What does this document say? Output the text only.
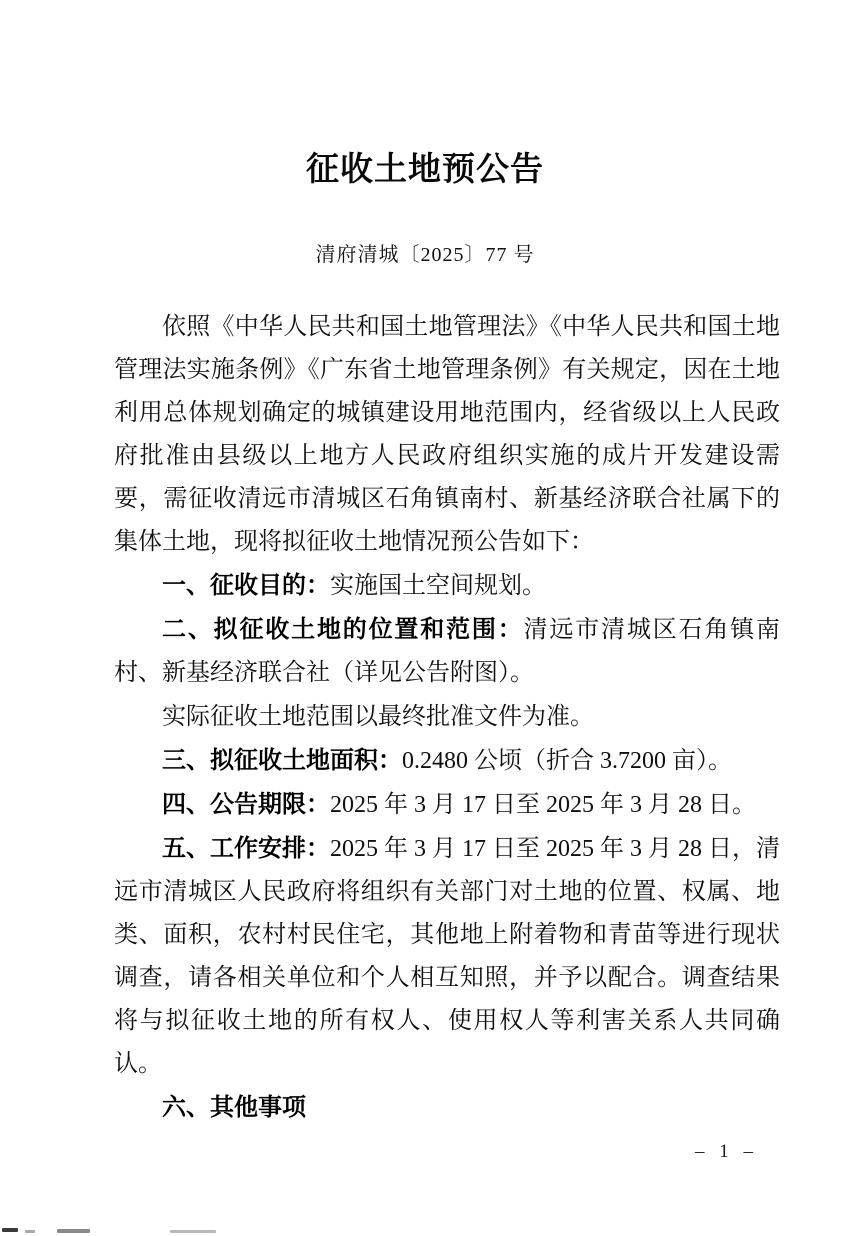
征收土地预公告
清府清城〔2025〕77 号

依照《中华人民共和国土地管理法》《中华人民共和国土地管理法实施条例》《广东省土地管理条例》有关规定，因在土地利用总体规划确定的城镇建设用地范围内，经省级以上人民政府批准由县级以上地方人民政府组织实施的成片开发建设需要，需征收清远市清城区石角镇南村、新基经济联合社属下的集体土地，现将拟征收土地情况预公告如下：

一、征收目的：实施国土空间规划。

二、拟征收土地的位置和范围：清远市清城区石角镇南村、新基经济联合社（详见公告附图）。

实际征收土地范围以最终批准文件为准。

三、拟征收土地面积：0.2480 公顷（折合 3.7200 亩）。

四、公告期限：2025 年 3 月 17 日至 2025 年 3 月 28 日。

五、工作安排：2025 年 3 月 17 日至 2025 年 3 月 28 日，清远市清城区人民政府将组织有关部门对土地的位置、权属、地类、面积，农村村民住宅，其他地上附着物和青苗等进行现状调查，请各相关单位和个人相互知照，并予以配合。调查结果将与拟征收土地的所有权人、使用权人等利害关系人共同确认。

六、其他事项

– 1 –
